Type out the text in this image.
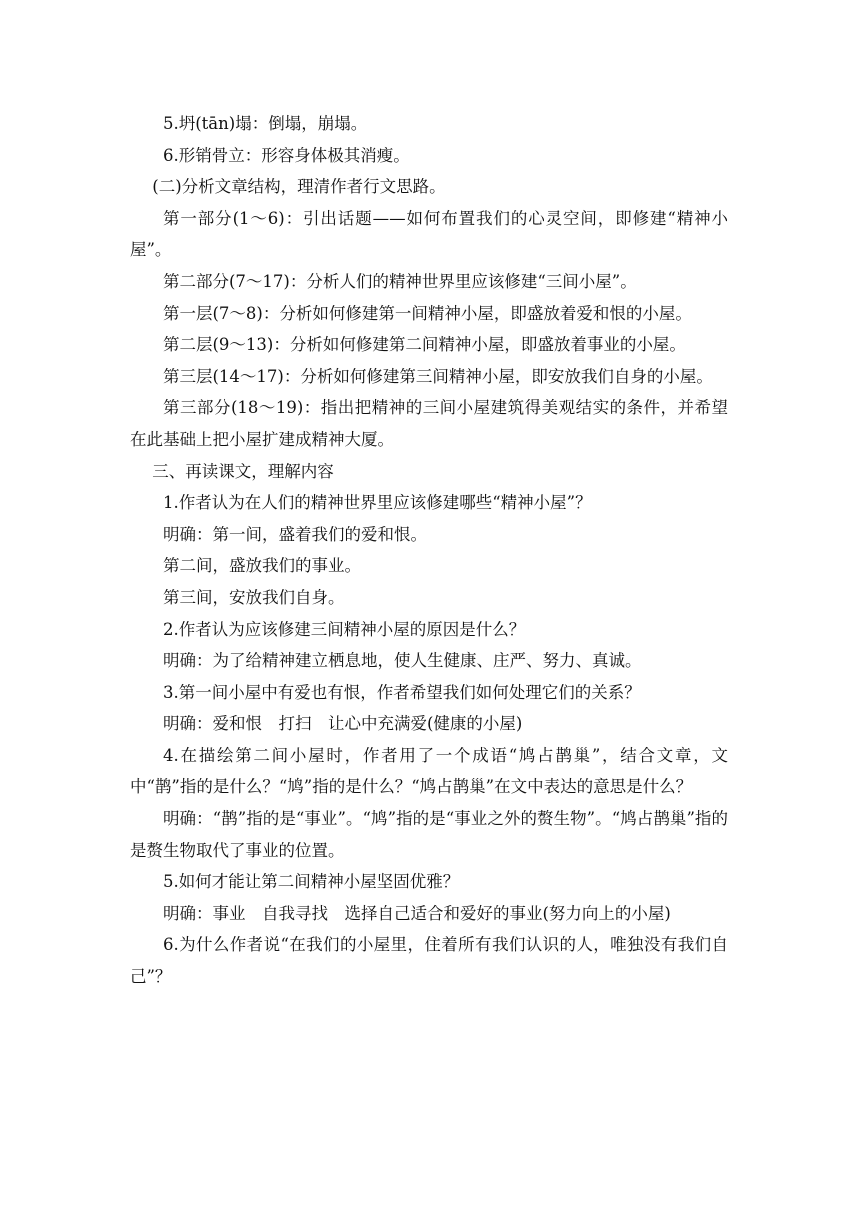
5.坍(tān)塌：倒塌，崩塌。

6.形销骨立：形容身体极其消瘦。

(二)分析文章结构，理清作者行文思路。

第一部分(1～6)：引出话题——如何布置我们的心灵空间，即修建“精神小屋”。

第二部分(7～17)：分析人们的精神世界里应该修建“三间小屋”。

第一层(7～8)：分析如何修建第一间精神小屋，即盛放着爱和恨的小屋。

第二层(9～13)：分析如何修建第二间精神小屋，即盛放着事业的小屋。

第三层(14～17)：分析如何修建第三间精神小屋，即安放我们自身的小屋。

第三部分(18～19)：指出把精神的三间小屋建筑得美观结实的条件，并希望在此基础上把小屋扩建成精神大厦。

三、再读课文，理解内容

1.作者认为在人们的精神世界里应该修建哪些“精神小屋”？

明确：第一间，盛着我们的爱和恨。

第二间，盛放我们的事业。

第三间，安放我们自身。

2.作者认为应该修建三间精神小屋的原因是什么？

明确：为了给精神建立栖息地，使人生健康、庄严、努力、真诚。

3.第一间小屋中有爱也有恨，作者希望我们如何处理它们的关系？

明确：爱和恨　打扫　让心中充满爱(健康的小屋)

4.在描绘第二间小屋时，作者用了一个成语“鸠占鹊巢”，结合文章，文中“鹊”指的是什么？“鸠”指的是什么？“鸠占鹊巢”在文中表达的意思是什么？

明确：“鹊”指的是“事业”。“鸠”指的是“事业之外的赘生物”。“鸠占鹊巢”指的是赘生物取代了事业的位置。

5.如何才能让第二间精神小屋坚固优雅？

明确：事业　自我寻找　选择自己适合和爱好的事业(努力向上的小屋)

6.为什么作者说“在我们的小屋里，住着所有我们认识的人，唯独没有我们自己”？
